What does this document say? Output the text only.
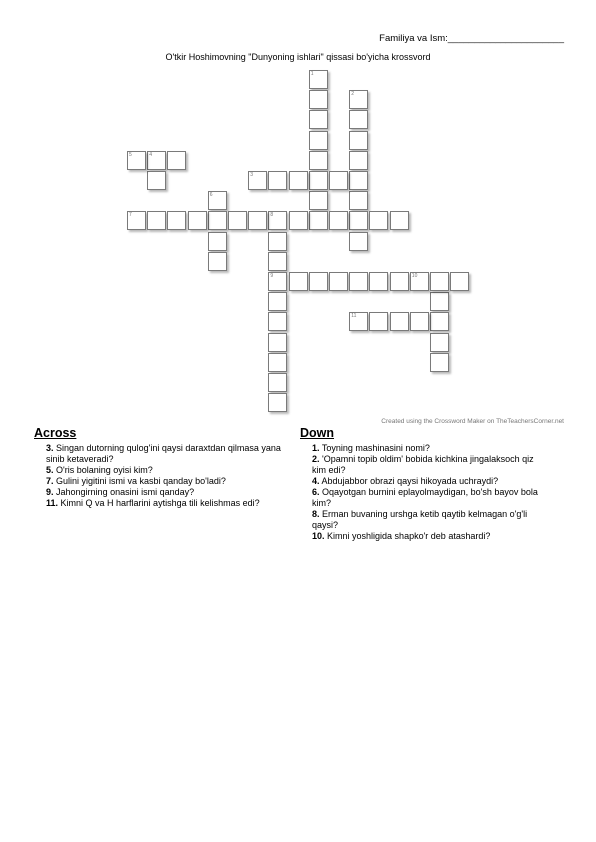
Familiya va Ism:______________________
O'tkir Hoshimovning "Dunyoning ishlari" qissasi bo'yicha krossvord
1
2
3
4
5
6
7	8
9	10
11
Created using the Crossword Maker on TheTeachersCorner.net
Across
3. Singan dutorning qulog'ini qaysi daraxtdan qilmasa yana sinib ketaveradi?
5. O'ris bolaning oyisi kim?
7. Gulini yigitini ismi va kasbi qanday bo'ladi?
9. Jahongirning onasini ismi qanday?
11. Kimni Q va H harflarini aytishga tili kelishmas edi?
Down
1. Toyning mashinasini nomi?
2. 'Opamni topib oldim' bobida kichkina jingalaksoch qiz kim edi?
4. Abdujabbor obrazi qaysi hikoyada uchraydi?
6. Oqayotgan burnini eplayolmaydigan, bo'sh bayov bola kim?
8. Erman buvaning urshga ketib qaytib kelmagan o'g'li qaysi?
10. Kimni yoshligida shapko'r deb atashardi?
